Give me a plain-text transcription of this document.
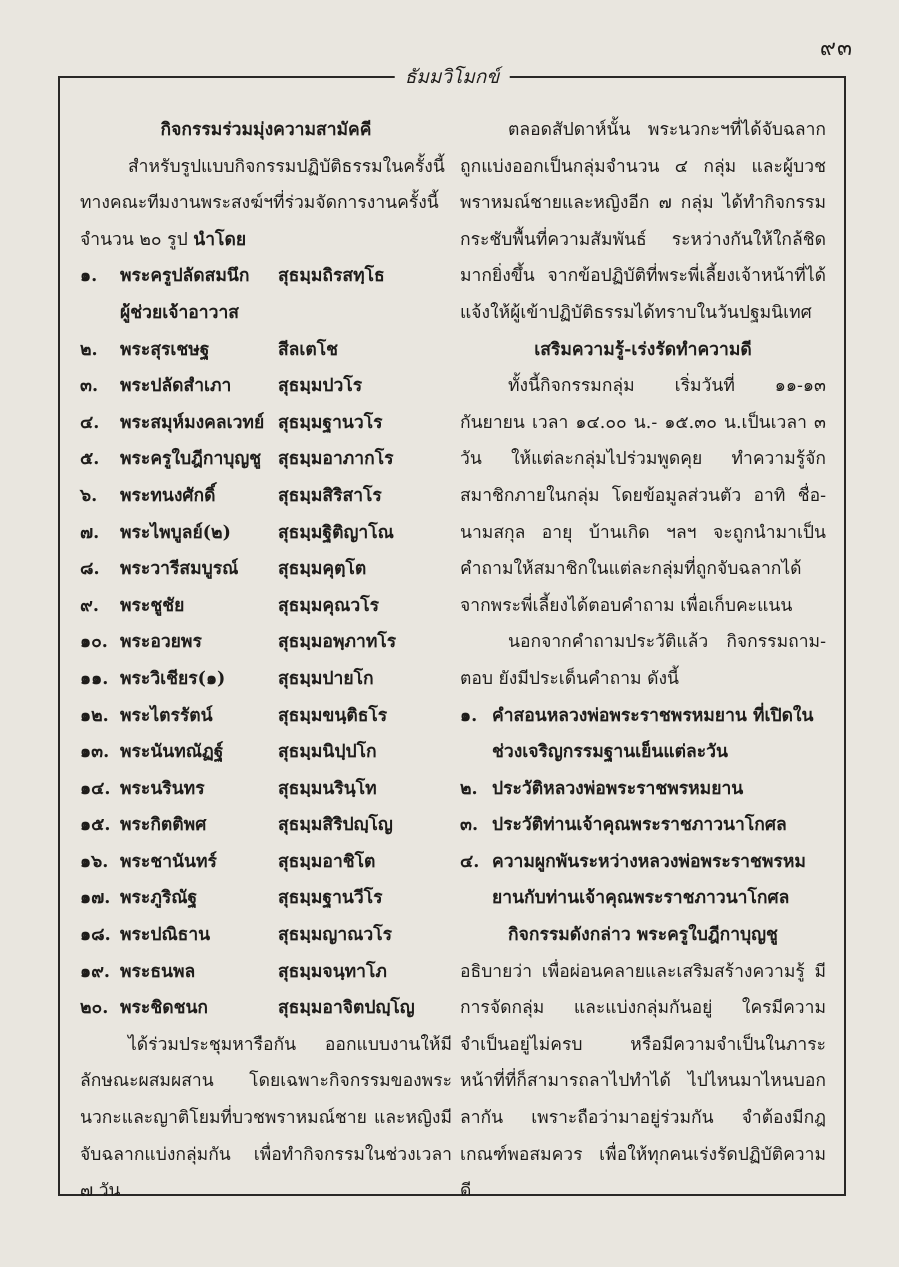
๙๓
ธัมมวิโมกข์
กิจกรรมร่วมมุ่งความสามัคคี
สำหรับรูปแบบกิจกรรมปฏิบัติธรรมในครั้งนี้ ทางคณะทีมงานพระสงฆ์ฯที่ร่วมจัดการงานครั้งนี้จำนวน ๒๐ รูป นำโดย
๑.	พระครูปลัดสมนึก	สุธมฺมถิรสทฺโธ
ผู้ช่วยเจ้าอาวาส
๒.	พระสุรเชษฐ	สีลเตโช
๓.	พระปลัดสำเภา	สุธมฺมปวโร
๔.	พระสมุห์มงคลเวทย์ สุธมฺมฐานวโร
๕.	พระครูใบฎีกาบุญชู สุธมฺมอาภากโร
๖.	พระทนงศักดิ์	สุธมฺมสิริสาโร
๗.	พระไพบูลย์(๒)	สุธมฺมฐิติญาโณ
๘.	พระวารีสมบูรณ์	สุธมฺมคุตฺโต
๙.	พระชูชัย	สุธมฺมคุณวโร
๑๐. พระอวยพร	สุธมฺมอพฺภาทโร
๑๑. พระวิเชียร(๑)	สุธมฺมปายโก
๑๒. พระไตรรัตน์	สุธมฺมขนฺติธโร
๑๓. พระนันทณัฏฐ์	สุธมฺมนิปฺปโก
๑๔. พระนรินทร	สุธมฺมนรินฺโท
๑๕. พระกิตติพศ	สุธมฺมสิริปญฺโญ
๑๖. พระชานันทร์	สุธมฺมอาชิโต
๑๗. พระภูริณัฐ	สุธมฺมฐานวีโร
๑๘. พระปณิธาน	สุธมฺมญาณวโร
๑๙. พระธนพล	สุธมฺมจนฺทาโภ
๒๐. พระชิดชนก	สุธมฺมอาจิตปญฺโญ
ได้ร่วมประชุมหารือกัน ออกแบบงานให้มีลักษณะผสมผสาน โดยเฉพาะกิจกรรมของพระนวกะและญาติโยมที่บวชพราหมณ์ชาย และหญิงมีจับฉลากแบ่งกลุ่มกัน เพื่อทำกิจกรรมในช่วงเวลา ๗ วัน
ตลอดสัปดาห์นั้น พระนวกะฯที่ได้จับฉลาก ถูกแบ่งออกเป็นกลุ่มจำนวน ๔ กลุ่ม และผู้บวชพราหมณ์ชายและหญิงอีก ๗ กลุ่ม ได้ทำกิจกรรมกระชับพื้นที่ความสัมพันธ์ ระหว่างกันให้ใกล้ชิดมากยิ่งขึ้น จากข้อปฏิบัติที่พระพี่เลี้ยงเจ้าหน้าที่ได้แจ้งให้ผู้เข้าปฏิบัติธรรมได้ทราบในวันปฐมนิเทศ
เสริมความรู้-เร่งรัดทำความดี
ทั้งนี้กิจกรรมกลุ่ม เริ่มวันที่ ๑๑-๑๓ กันยายน เวลา ๑๔.๐๐ น.- ๑๕.๓๐ น.เป็นเวลา ๓ วัน ให้แต่ละกลุ่มไปร่วมพูดคุย ทำความรู้จักสมาชิกภายในกลุ่ม โดยข้อมูลส่วนตัว อาทิ ชื่อ-นามสกุล อายุ บ้านเกิด ฯลฯ จะถูกนำมาเป็นคำถามให้สมาชิกในแต่ละกลุ่มที่ถูกจับฉลากได้จากพระพี่เลี้ยงได้ตอบคำถาม เพื่อเก็บคะแนน
นอกจากคำถามประวัติแล้ว กิจกรรมถาม-ตอบ ยังมีประเด็นคำถาม ดังนี้
๑. คำสอนหลวงพ่อพระราชพรหมยาน ที่เปิดในช่วงเจริญกรรมฐานเย็นแต่ละวัน
๒. ประวัติหลวงพ่อพระราชพรหมยาน
๓. ประวัติท่านเจ้าคุณพระราชภาวนาโกศล
๔. ความผูกพันระหว่างหลวงพ่อพระราชพรหมยานกับท่านเจ้าคุณพระราชภาวนาโกศล
กิจกรรมดังกล่าว พระครูใบฎีกาบุญชู
อธิบายว่า เพื่อผ่อนคลายและเสริมสร้างความรู้ มีการจัดกลุ่ม และแบ่งกลุ่มกันอยู่ ใครมีความจำเป็นอยู่ไม่ครบ หรือมีความจำเป็นในภาระหน้าที่ที่ก็สามารถลาไปทำได้ ไปไหนมาไหนบอกลากัน เพราะถือว่ามาอยู่ร่วมกัน จำต้องมีกฎเกณฑ์พอสมควร เพื่อให้ทุกคนเร่งรัดปฏิบัติความดี
